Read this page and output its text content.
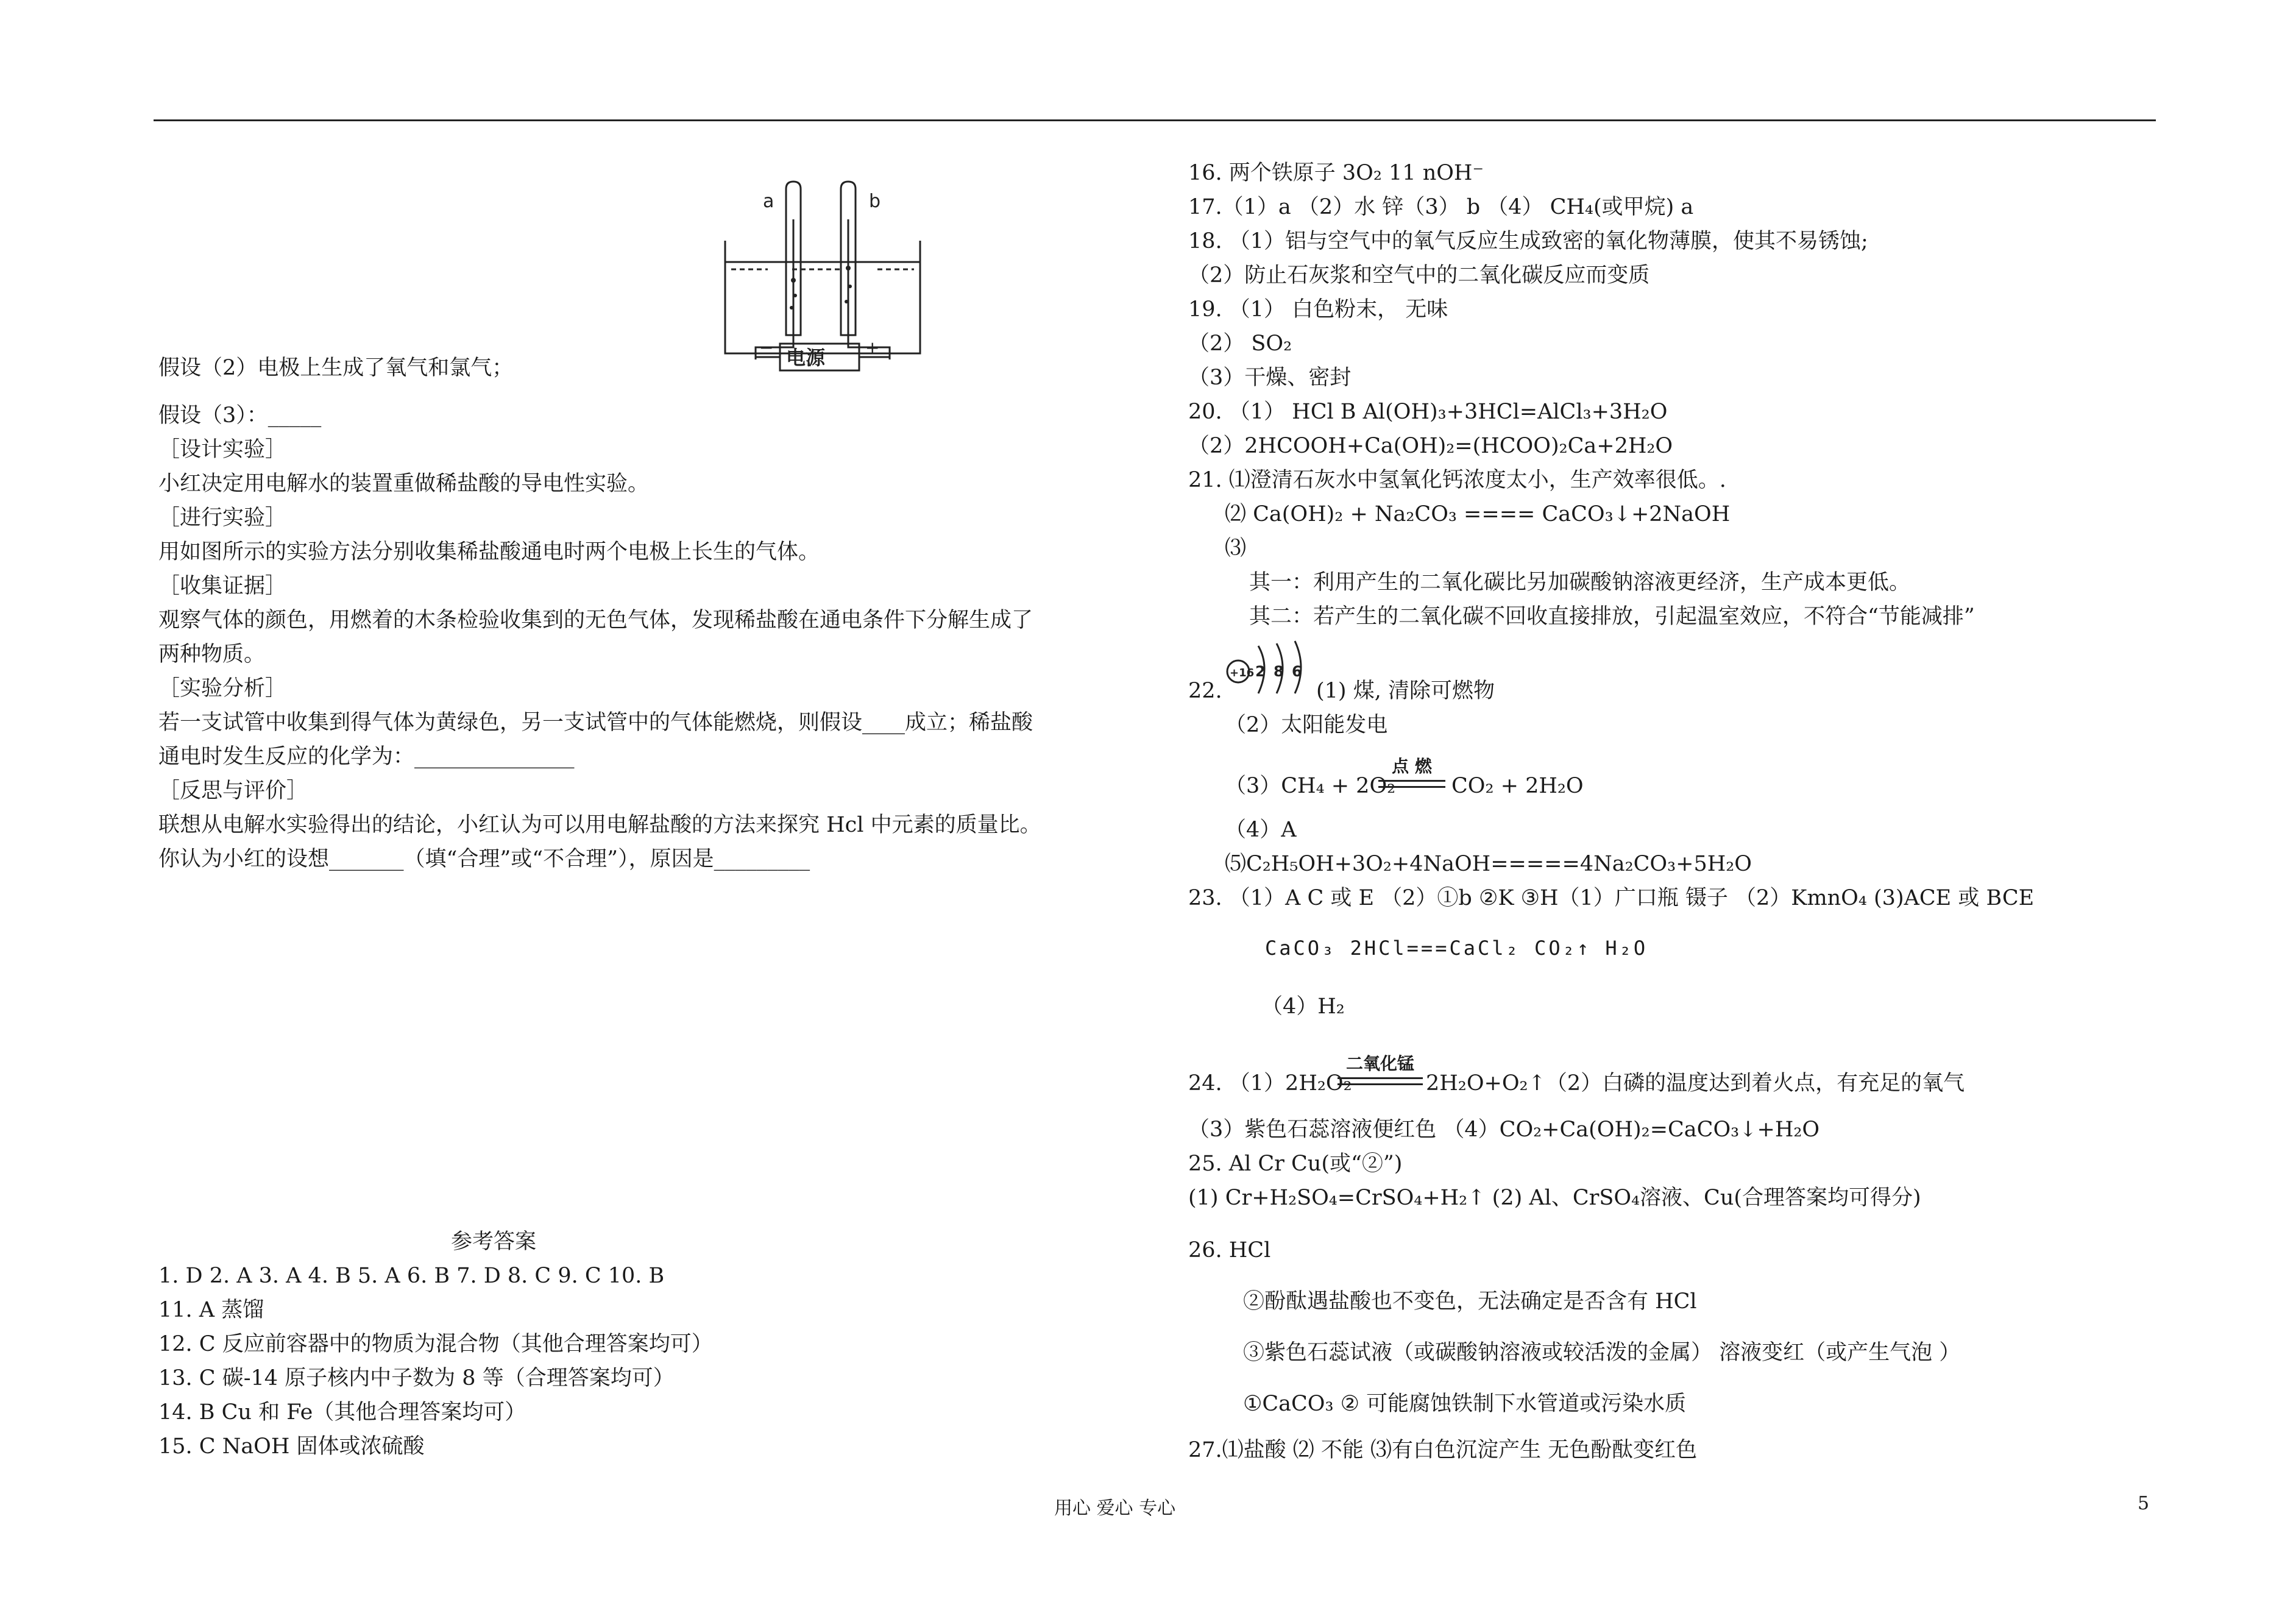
a	b
电源
−	+
假设（2）电极上生成了氧气和氯气；
假设（3）：_____
［设计实验］
小红决定用电解水的装置重做稀盐酸的导电性实验。
［进行实验］
用如图所示的实验方法分别收集稀盐酸通电时两个电极上长生的气体。
［收集证据］
观察气体的颜色，用燃着的木条检验收集到的无色气体，发现稀盐酸在通电条件下分解生成了
两种物质。
［实验分析］
若一支试管中收集到得气体为黄绿色，另一支试管中的气体能燃烧，则假设____成立；稀盐酸
通电时发生反应的化学为：_______________
［反思与评价］
联想从电解水实验得出的结论，小红认为可以用电解盐酸的方法来探究 Hcl 中元素的质量比。
你认为小红的设想_______（填“合理”或“不合理”），原因是_________
参考答案
1. D 2. A 3. A 4. B 5. A 6. B 7. D 8. C 9. C 10. B
11. A 蒸馏
12. C 反应前容器中的物质为混合物（其他合理答案均可）
13. C 碳-14 原子核内中子数为 8 等（合理答案均可）
14. B Cu 和 Fe（其他合理答案均可）
15. C NaOH 固体或浓硫酸
16. 两个铁原子 3O₂ 11 nOH⁻
17.（1）a （2）水 锌（3） b （4） CH₄(或甲烷) a
18. （1）铝与空气中的氧气反应生成致密的氧化物薄膜，使其不易锈蚀;
（2）防止石灰浆和空气中的二氧化碳反应而变质
19. （1） 白色粉末， 无味
（2） SO₂
（3）干燥、密封
20. （1） HCl B Al(OH)₃+3HCl=AlCl₃+3H₂O
（2）2HCOOH+Ca(OH)₂=(HCOO)₂Ca+2H₂O
21. ⑴澄清石灰水中氢氧化钙浓度太小，生产效率很低。.
⑵ Ca(OH)₂ + Na₂CO₃ ==== CaCO₃↓+2NaOH
⑶
其一：利用产生的二氧化碳比另加碳酸钠溶液更经济，生产成本更低。
其二：若产生的二氧化碳不回收直接排放，引起温室效应，不符合“节能减排”
+16 2 8 6
22.	(1) 煤, 清除可燃物
（2）太阳能发电
（3）CH₄ + 2O₂
点 燃
CO₂ + 2H₂O
（4）A
⑸C₂H₅OH+3O₂+4NaOH=====4Na₂CO₃+5H₂O
23. （1）A C 或 E （2）①b ②K ③H（1）广口瓶 镊子 （2）KmnO₄ (3)ACE 或 BCE
CaCO₃ 2HCl===CaCl₂ CO₂↑ H₂O
（4）H₂
24. （1）2H₂O₂
二氧化锰
2H₂O+O₂↑（2）白磷的温度达到着火点，有充足的氧气
（3）紫色石蕊溶液便红色 （4）CO₂+Ca(OH)₂=CaCO₃↓+H₂O
25. Al Cr Cu(或“②”)
(1) Cr+H₂SO₄=CrSO₄+H₂↑ (2) Al、CrSO₄溶液、Cu(合理答案均可得分)
26. HCl
②酚酞遇盐酸也不变色，无法确定是否含有 HCl
③紫色石蕊试液（或碳酸钠溶液或较活泼的金属） 溶液变红（或产生气泡 ）
①CaCO₃ ② 可能腐蚀铁制下水管道或污染水质
27.⑴盐酸 ⑵ 不能 ⑶有白色沉淀产生 无色酚酞变红色
用心 爱心 专心	5
